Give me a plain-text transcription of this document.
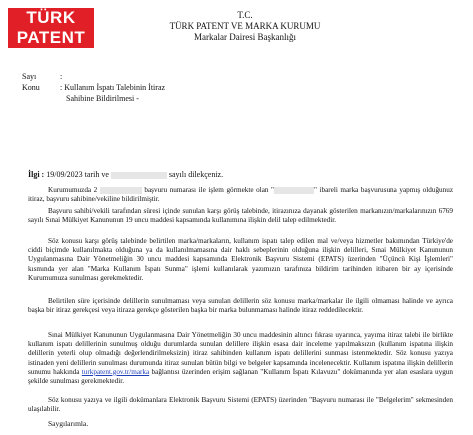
TÜRK
PATENT
T.C.
TÜRK PATENT VE MARKA KURUMU
Markalar Dairesi Başkanlığı
Sayı	:
Konu	: Kullanım İspatı Talebinin İtiraz
Sahibine Bildirilmesi -
İlgi : 19/09/2023 tarih ve	sayılı dilekçeniz.

Kurumumuzda 2	başvuru numarası ile işlem görmekte olan "	" ibareli marka başvurusuna yapmış olduğunuz itiraz, başvuru sahibine/vekiline bildirilmiştir.

Başvuru sahibi/vekili tarafından süresi içinde sunulan karşı görüş talebinde, itirazınıza dayanak gösterilen markanızın/markalarınızın 6769 sayılı Sınai Mülkiyet Kanununun 19 uncu maddesi kapsamında kullanımına ilişkin delil talep edilmektedir.

Söz konusu karşı görüş talebinde belirtilen marka/markaların, kullanım ispatı talep edilen mal ve/veya hizmetler bakımından Türkiye'de ciddi biçimde kullanılmakta olduğuna ya da kullanılmamasına dair haklı sebeplerinin olduğuna ilişkin delilleri, Sınai Mülkiyet Kanununun Uygulanmasına Dair Yönetmeliğin 30 uncu maddesi kapsamında Elektronik Başvuru Sistemi (EPATS) üzerinden "Üçüncü Kişi İşlemleri" kısmında yer alan "Marka Kullanım İspatı Sunma" işlemi kullanılarak yazımızın tarafınıza bildirim tarihinden itibaren bir ay içerisinde Kurumumuza sunulması gerekmektedir.

Belirtilen süre içerisinde delillerin sunulmaması veya sunulan delillerin söz konusu marka/markalar ile ilgili olmaması halinde ve ayrıca başka bir itiraz gerekçesi veya itiraza gerekçe gösterilen başka bir marka bulunmaması halinde itiraz reddedilecektir.

Sınai Mülkiyet Kanununun Uygulanmasına Dair Yönetmeliğin 30 uncu maddesinin altıncı fıkrası uyarınca, yayıma itiraz talebi ile birlikte kullanım ispatı delillerinin sunulmuş olduğu durumlarda sunulan delillere ilişkin esasa dair inceleme yapılmaksızın (kullanım ispatına ilişkin delillerin yeterli olup olmadığı değerlendirilmeksizin) itiraz sahibinden kullanım ispatı delillerini sunması istenmektedir. Söz konusu yazıya istinaden yeni delillerin sunulması durumunda itiraz sunulan bütün bilgi ve belgeler kapsamında incelenecektir. Kullanım ispatına ilişkin delillerin sunumu hakkında turkpatent.gov.tr/marka bağlantısı üzerinden erişim sağlanan "Kullanım İspatı Kılavuzu" dokümanında yer alan esaslara uygun şekilde sunulması gerekmektedir.

Söz konusu yazıya ve ilgili dokümanlara Elektronik Başvuru Sistemi (EPATS) üzerinden "Başvuru numarası ile "Belgelerim" sekmesinden ulaşılabilir.

Saygılarımla.
